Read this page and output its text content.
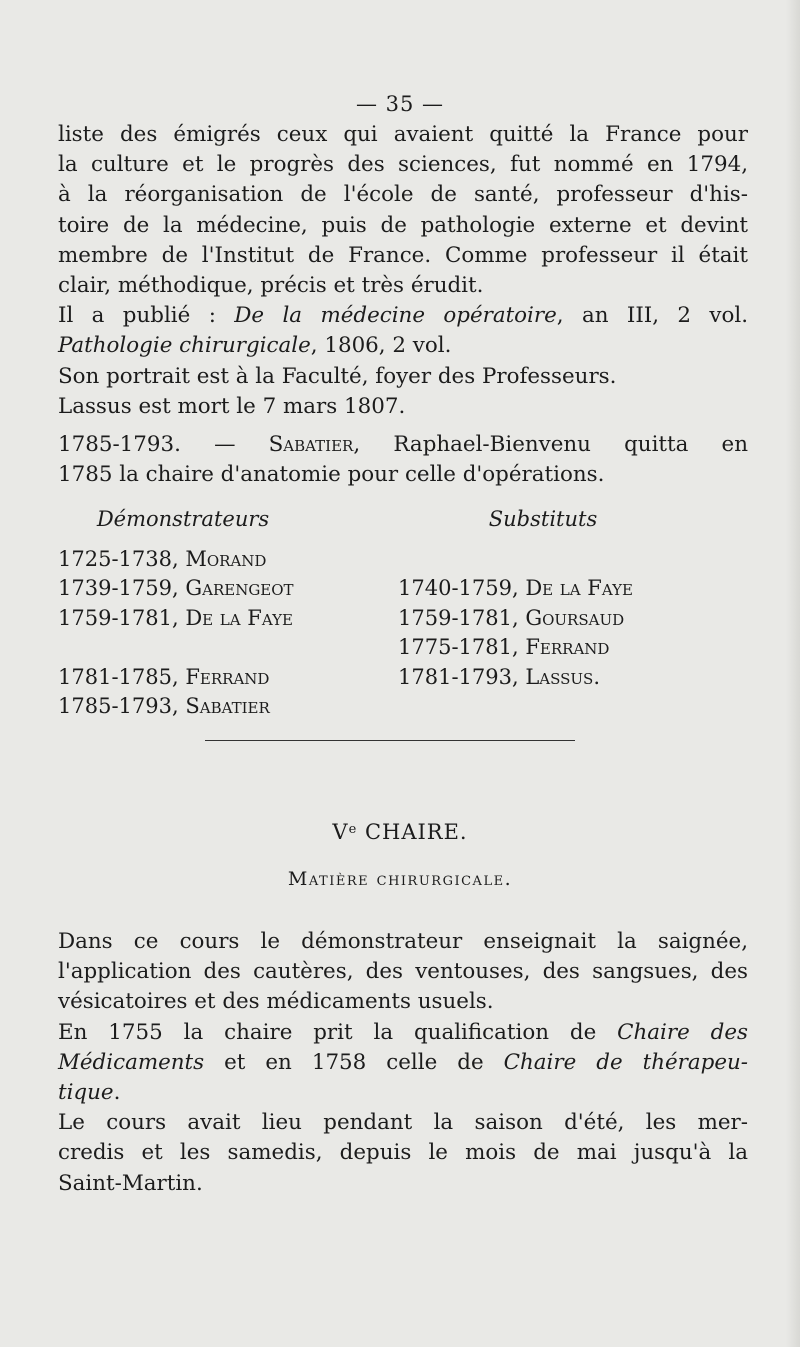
— 35 —
liste des émigrés ceux qui avaient quitté la France pour
la culture et le progrès des sciences, fut nommé en 1794,
à la réorganisation de l'école de santé, professeur d'his-
toire de la médecine, puis de pathologie externe et devint
membre de l'Institut de France. Comme professeur il était
clair, méthodique, précis et très érudit.
Il a publié : De la médecine opératoire, an III, 2 vol.
Pathologie chirurgicale, 1806, 2 vol.
Son portrait est à la Faculté, foyer des Professeurs.
Lassus est mort le 7 mars 1807.
1785-1793. — Sabatier, Raphael-Bienvenu quitta en
1785 la chaire d'anatomie pour celle d'opérations.
Démonstrateurs
1725-1738, Morand
1739-1759, Garengeot
1759-1781, De la Faye

1781-1785, Ferrand
1785-1793, Sabatier
Substituts

1740-1759, De la Faye
1759-1781, Goursaud
1775-1781, Ferrand
1781-1793, Lassus.
Ve CHAIRE.
Matière chirurgicale.
Dans ce cours le démonstrateur enseignait la saignée,
l'application des cautères, des ventouses, des sangsues, des
vésicatoires et des médicaments usuels.
En 1755 la chaire prit la qualification de Chaire des
Médicaments et en 1758 celle de Chaire de thérapeu-
tique.
Le cours avait lieu pendant la saison d'été, les mer-
credis et les samedis, depuis le mois de mai jusqu'à la
Saint-Martin.
